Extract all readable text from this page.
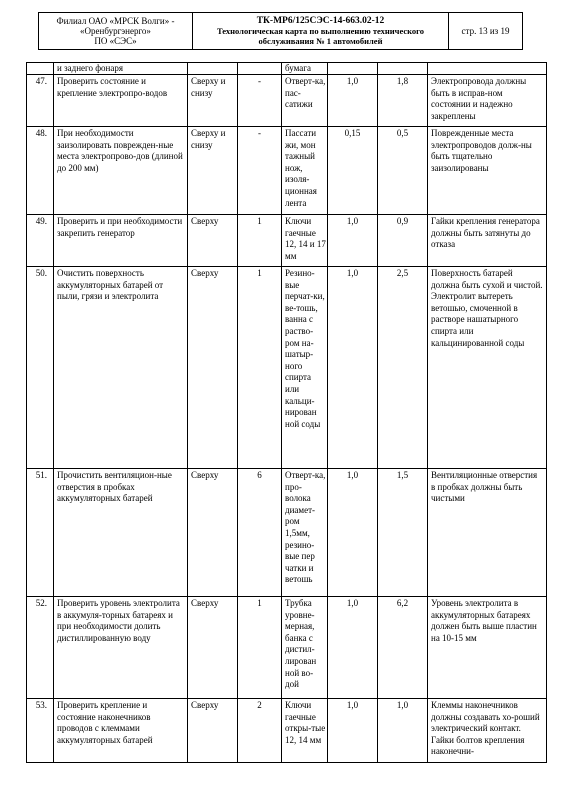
Филиал ОАО «МРСК Волги» -
«Оренбургэнерго»
ПО «СЭС»

ТК-МР6/125СЭС-14-663.02-12
Технологическая карта по выполнению технического
обслуживания № 1 автомобилей
	стр. 13 из 19
	и заднего фонаря			бумага			
47.	Проверить состояние и крепление электропро-водов	Сверху и снизу	-	Отверт-ка, пас-сатижи	1,0	1,8	Электропровода должны быть в исправ-ном состоянии и надежно закреплены
48.	При необходимости заизолировать поврежден-ные места электропрово-дов (длиной до 200 мм)	Сверху и снизу	-	Пассати жи, мон тажный нож, изоля-ционная лента	0,15	0,5	Поврежденные места электропроводов долж-ны быть тщательно заизолированы
49.	Проверить и при необходимости закрепить генератор	Сверху	1	Ключи гаечные 12, 14 и 17 мм	1,0	0,9	Гайки крепления генератора должны быть затянуты до отказа
50.	Очистить поверхность аккумуляторных батарей от пыли, грязи и электролита	Сверху	1	Резино-вые перчат-ки, ве-тошь, ванна с раство-ром на-шатыр-ного спирта или кальци-нирован ной соды	1,0	2,5	Поверхность батарей должна быть сухой и чистой. Электролит вытереть ветошью, смоченной в растворе нашатырного спирта или кальцинированной соды
51.	Прочистить вентиляцион-ные отверстия в пробках аккумуляторных батарей	Сверху	6	Отверт-ка, про-волока диамет-ром 1,5мм, резино-вые пер чатки и ветошь	1,0	1,5	Вентиляционные отверстия в пробках должны быть чистыми
52.	Проверить уровень электролита в аккумуля-торных батареях и при необходимости долить дистиллированную воду	Сверху	1	Трубка уровне-мерная, банка с дистил-лирован ной во-дой	1,0	6,2	Уровень электролита в аккумуляторных батареях должен быть выше пластин на 10-15 мм
53.	Проверить крепление и состояние наконечников проводов с клеммами аккумуляторных батарей	Сверху	2	Ключи гаечные откры-тые 12, 14 мм	1,0	1,0	Клеммы наконечников должны создавать хо-роший электрический контакт. Гайки болтов крепления наконечни-
